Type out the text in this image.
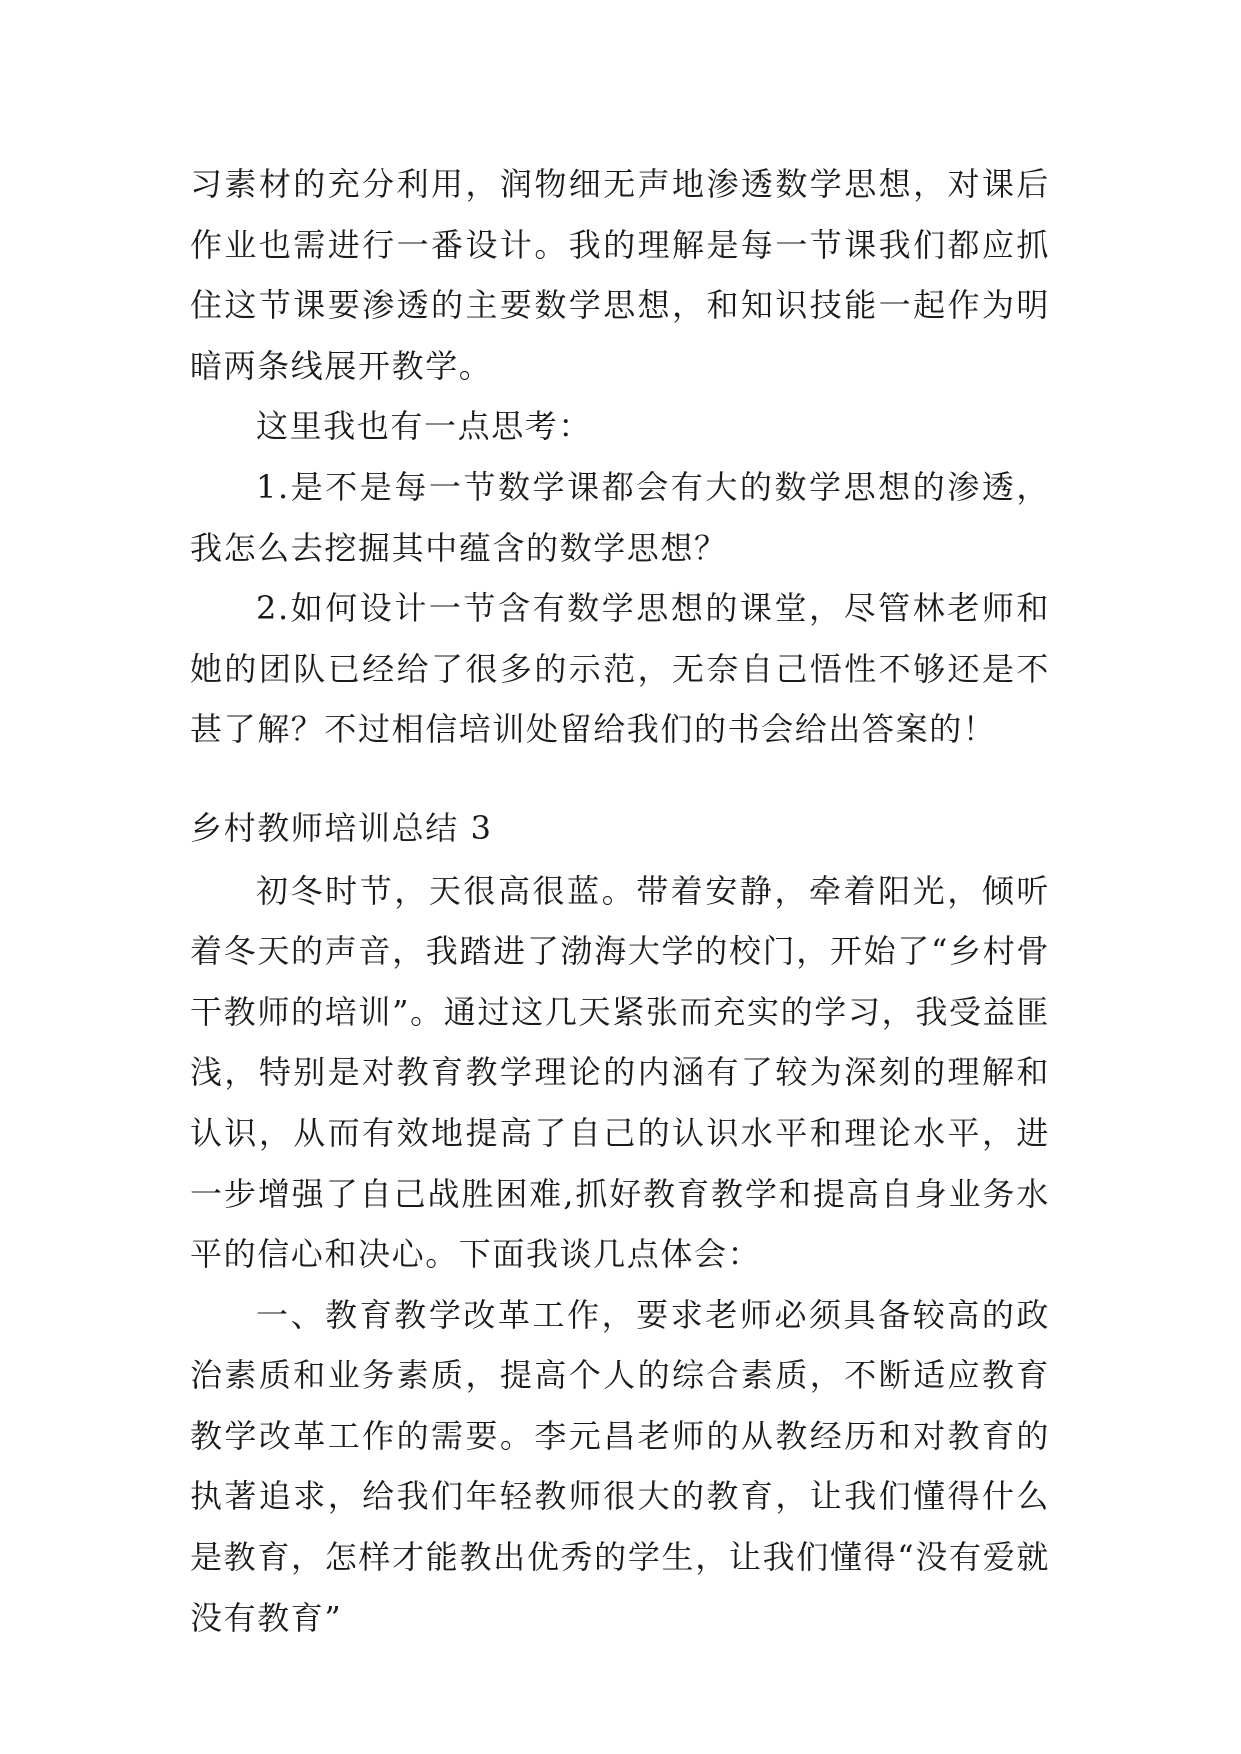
习素材的充分利用，润物细无声地渗透数学思想，对课后作业也需进行一番设计。我的理解是每一节课我们都应抓住这节课要渗透的主要数学思想，和知识技能一起作为明暗两条线展开教学。

这里我也有一点思考：

1.是不是每一节数学课都会有大的数学思想的渗透，我怎么去挖掘其中蕴含的数学思想？

2.如何设计一节含有数学思想的课堂，尽管林老师和她的团队已经给了很多的示范，无奈自己悟性不够还是不甚了解？不过相信培训处留给我们的书会给出答案的！

乡村教师培训总结 3

初冬时节，天很高很蓝。带着安静，牵着阳光，倾听着冬天的声音，我踏进了渤海大学的校门，开始了“乡村骨干教师的培训”。通过这几天紧张而充实的学习，我受益匪浅，特别是对教育教学理论的内涵有了较为深刻的理解和认识，从而有效地提高了自己的认识水平和理论水平，进一步增强了自己战胜困难,抓好教育教学和提高自身业务水平的信心和决心。下面我谈几点体会：

一、教育教学改革工作，要求老师必须具备较高的政治素质和业务素质，提高个人的综合素质，不断适应教育教学改革工作的需要。李元昌老师的从教经历和对教育的执著追求，给我们年轻教师很大的教育，让我们懂得什么是教育，怎样才能教出优秀的学生，让我们懂得“没有爱就没有教育”
